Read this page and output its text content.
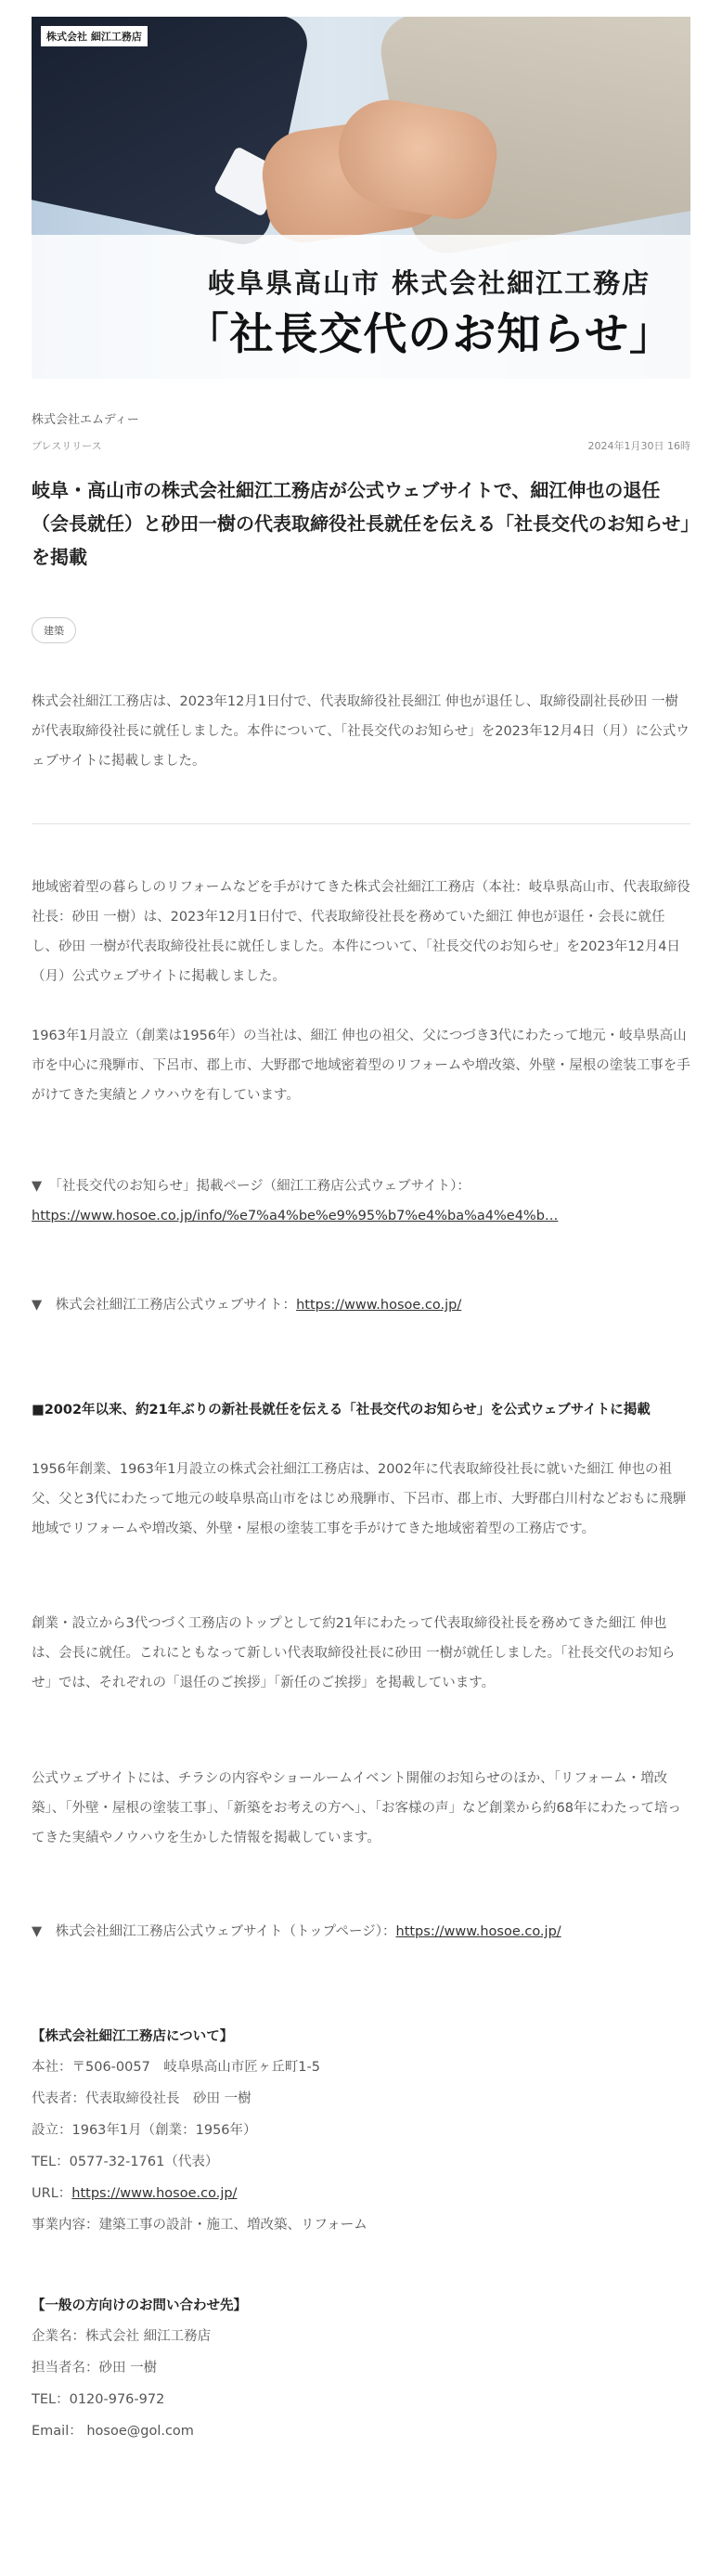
株式会社 細江工務店
岐阜県高山市 株式会社細江工務店
「社長交代のお知らせ」
株式会社エムディー
プレスリリース	2024年1月30日 16時
岐阜・高山市の株式会社細江工務店が公式ウェブサイトで、細江伸也の退任（会長就任）と砂田一樹の代表取締役社長就任を伝える「社長交代のお知らせ」を掲載
建築

株式会社細江工務店は、2023年12月1日付で、代表取締役社長細江 伸也が退任し、取締役副社長砂田 一樹が代表取締役社長に就任しました。本件について、「社長交代のお知らせ」を2023年12月4日（月）に公式ウェブサイトに掲載しました。

地域密着型の暮らしのリフォームなどを手がけてきた株式会社細江工務店（本社：岐阜県高山市、代表取締役社長：砂田 一樹）は、2023年12月1日付で、代表取締役社長を務めていた細江 伸也が退任・会長に就任し、砂田 一樹が代表取締役社長に就任しました。本件について、「社長交代のお知らせ」を2023年12月4日（月）公式ウェブサイトに掲載しました。

1963年1月設立（創業は1956年）の当社は、細江 伸也の祖父、父につづき3代にわたって地元・岐阜県高山市を中心に飛騨市、下呂市、郡上市、大野郡で地域密着型のリフォームや増改築、外壁・屋根の塗装工事を手がけてきた実績とノウハウを有しています。

▼　「社長交代のお知らせ」掲載ページ（細江工務店公式ウェブサイト）：

https://www.hosoe.co.jp/info/%e7%a4%be%e9%95%b7%e4%ba%a4%e4%b…

▼　株式会社細江工務店公式ウェブサイト：https://www.hosoe.co.jp/

■2002年以来、約21年ぶりの新社長就任を伝える「社長交代のお知らせ」を公式ウェブサイトに掲載

1956年創業、1963年1月設立の株式会社細江工務店は、2002年に代表取締役社長に就いた細江 伸也の祖父、父と3代にわたって地元の岐阜県高山市をはじめ飛騨市、下呂市、郡上市、大野郡白川村などおもに飛騨地域でリフォームや増改築、外壁・屋根の塗装工事を手がけてきた地域密着型の工務店です。

創業・設立から3代つづく工務店のトップとして約21年にわたって代表取締役社長を務めてきた細江 伸也は、会長に就任。これにともなって新しい代表取締役社長に砂田 一樹が就任しました。「社長交代のお知らせ」では、それぞれの「退任のご挨拶」「新任のご挨拶」を掲載しています。

公式ウェブサイトには、チラシの内容やショールームイベント開催のお知らせのほか、「リフォーム・増改築」、「外壁・屋根の塗装工事」、「新築をお考えの方へ」、「お客様の声」など創業から約68年にわたって培ってきた実績やノウハウを生かした情報を掲載しています。

▼　株式会社細江工務店公式ウェブサイト（トップページ）：https://www.hosoe.co.jp/

【株式会社細江工務店について】

本社：〒506-0057　岐阜県高山市匠ヶ丘町1-5
代表者：代表取締役社長　砂田 一樹
設立：1963年1月（創業：1956年）
TEL：0577-32-1761（代表）
URL：https://www.hosoe.co.jp/
事業内容：建築工事の設計・施工、増改築、リフォーム

【一般の方向けのお問い合わせ先】

企業名：株式会社 細江工務店
担当者名：砂田 一樹
TEL：0120-976-972
Email： hosoe@gol.com
